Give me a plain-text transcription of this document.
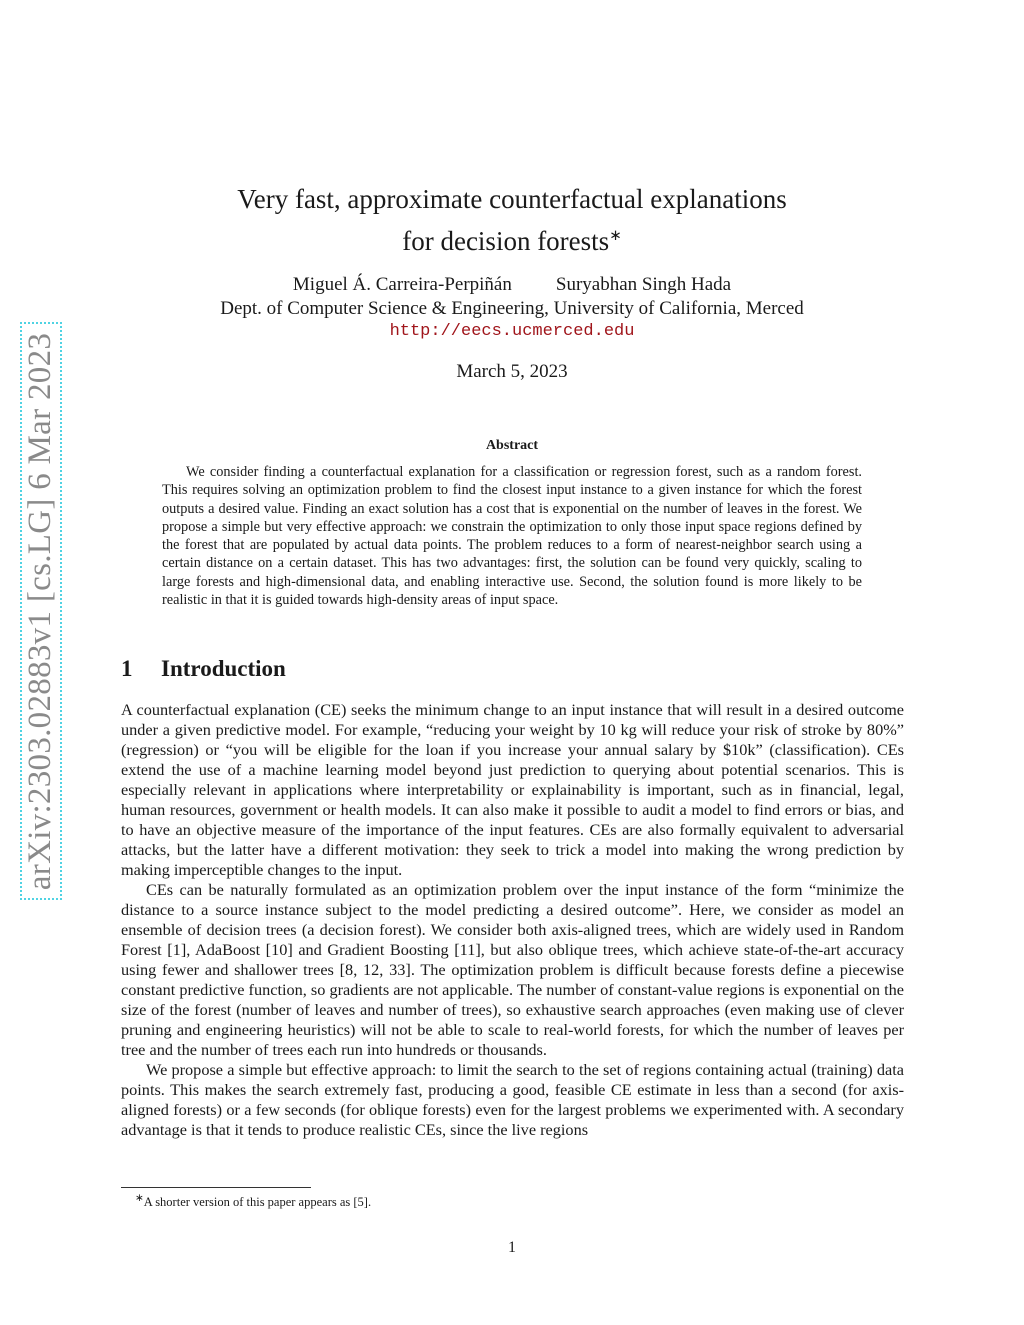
arXiv:2303.02883v1 [cs.LG] 6 Mar 2023
Very fast, approximate counterfactual explanations
for decision forests∗
Miguel Á. Carreira-Perpiñán Suryabhan Singh Hada
Dept. of Computer Science & Engineering, University of California, Merced
http://eecs.ucmerced.edu
March 5, 2023
Abstract

We consider finding a counterfactual explanation for a classification or regression forest, such as a random forest. This requires solving an optimization problem to find the closest input instance to a given instance for which the forest outputs a desired value. Finding an exact solution has a cost that is exponential on the number of leaves in the forest. We propose a simple but very effective approach: we constrain the optimization to only those input space regions defined by the forest that are populated by actual data points. The problem reduces to a form of nearest-neighbor search using a certain distance on a certain dataset. This has two advantages: first, the solution can be found very quickly, scaling to large forests and high-dimensional data, and enabling interactive use. Second, the solution found is more likely to be realistic in that it is guided towards high-density areas of input space.

1 Introduction

A counterfactual explanation (CE) seeks the minimum change to an input instance that will result in a desired outcome under a given predictive model. For example, “reducing your weight by 10 kg will reduce your risk of stroke by 80%” (regression) or “you will be eligible for the loan if you increase your annual salary by $10k” (classification). CEs extend the use of a machine learning model beyond just prediction to querying about potential scenarios. This is especially relevant in applications where interpretability or explainability is important, such as in financial, legal, human resources, government or health models. It can also make it possible to audit a model to find errors or bias, and to have an objective measure of the importance of the input features. CEs are also formally equivalent to adversarial attacks, but the latter have a different motivation: they seek to trick a model into making the wrong prediction by making imperceptible changes to the input.

CEs can be naturally formulated as an optimization problem over the input instance of the form “minimize the distance to a source instance subject to the model predicting a desired outcome”. Here, we consider as model an ensemble of decision trees (a decision forest). We consider both axis-aligned trees, which are widely used in Random Forest [1], AdaBoost [10] and Gradient Boosting [11], but also oblique trees, which achieve state-of-the-art accuracy using fewer and shallower trees [8, 12, 33]. The optimization problem is difficult because forests define a piecewise constant predictive function, so gradients are not applicable. The number of constant-value regions is exponential on the size of the forest (number of leaves and number of trees), so exhaustive search approaches (even making use of clever pruning and engineering heuristics) will not be able to scale to real-world forests, for which the number of leaves per tree and the number of trees each run into hundreds or thousands.

We propose a simple but effective approach: to limit the search to the set of regions containing actual (training) data points. This makes the search extremely fast, producing a good, feasible CE estimate in less than a second (for axis-aligned forests) or a few seconds (for oblique forests) even for the largest problems we experimented with. A secondary advantage is that it tends to produce realistic CEs, since the live regions

∗A shorter version of this paper appears as [5].
1
